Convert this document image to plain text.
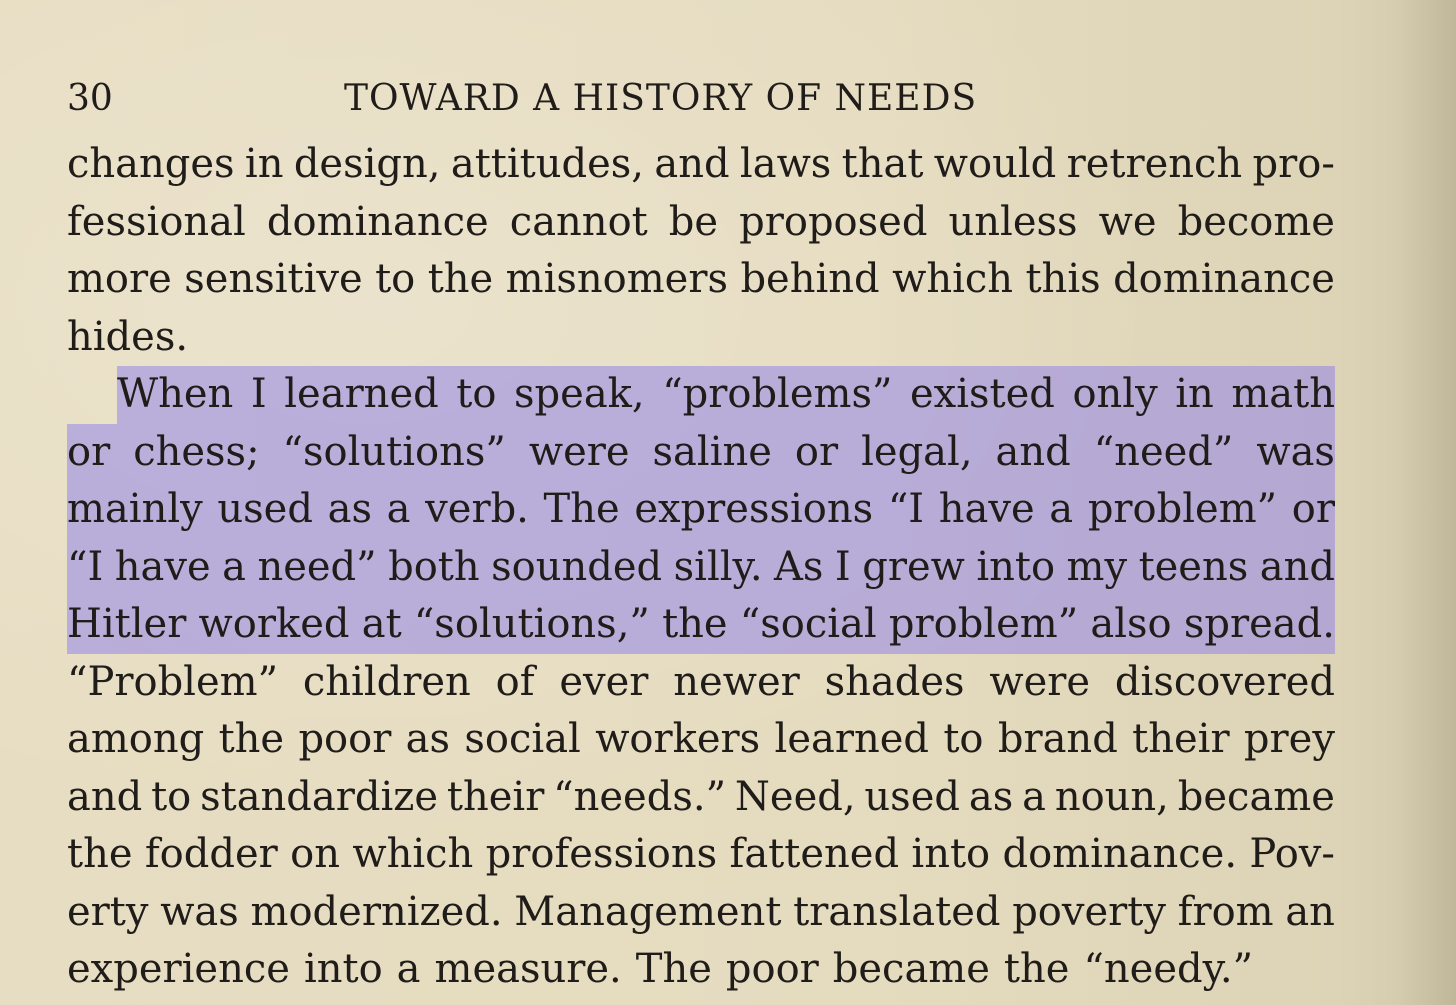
30	TOWARD A HISTORY OF NEEDS
changes in design, attitudes, and laws that would retrench pro-
fessional dominance cannot be proposed unless we become
more sensitive to the misnomers behind which this dominance
hides.
When I learned to speak, “problems” existed only in math
or chess; “solutions” were saline or legal, and “need” was
mainly used as a verb. The expressions “I have a problem” or
“I have a need” both sounded silly. As I grew into my teens and
Hitler worked at “solutions,” the “social problem” also spread.
“Problem” children of ever newer shades were discovered
among the poor as social workers learned to brand their prey
and to standardize their “needs.” Need, used as a noun, became
the fodder on which professions fattened into dominance. Pov-
erty was modernized. Management translated poverty from an
experience into a measure. The poor became the “needy.”
